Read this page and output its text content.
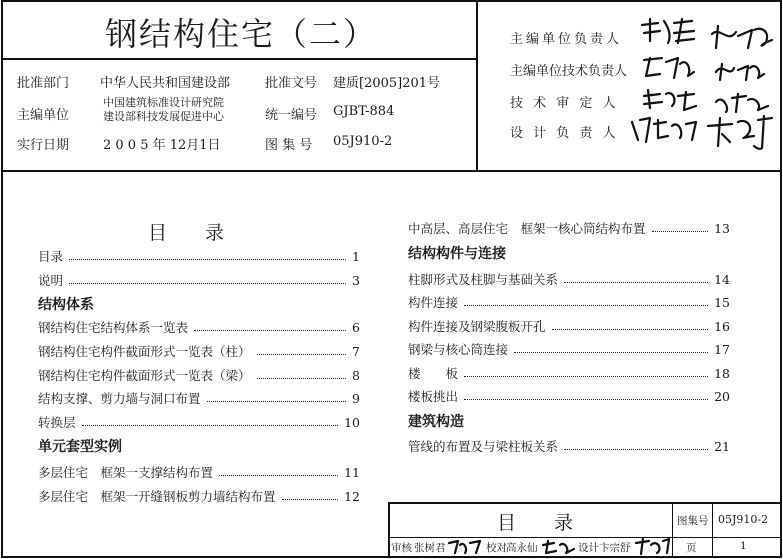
钢结构住宅（二）
批准部门 中华人民共和国建设部	批准文号 建质[2005]201号
主编单位
中国建筑标准设计研究院
建设部科技发展促进中心	统一编号 GJBT-884
实行日期	2 0 0 5 年 12月1日	图 集 号 05J910-2
主编单位负责人
主编单位技术负责人
技 术 审 定 人
设 计 负 责 人
目　　录
目录	1
说明	3
结构体系
钢结构住宅结构体系一览表	6
钢结构住宅构件截面形式一览表（柱）	7
钢结构住宅构件截面形式一览表（梁）	8
结构支撑、剪力墙与洞口布置	9
转换层	10
单元套型实例
多层住宅　框架一支撑结构布置	11
多层住宅　框架一开缝钢板剪力墙结构布置	12
中高层、高层住宅　框架一核心筒结构布置	13
结构构件与连接
柱脚形式及柱脚与基础关系	14
构件连接	15
构件连接及钢梁腹板开孔	16
钢梁与核心筒连接	17
楼　　板	18
楼板挑出	20
建筑构造
管线的布置及与梁柱板关系	21
目　　录	图集号 05J910-2
审核 张树君	校对 高永仙	设计 卞宗舒	页	1
